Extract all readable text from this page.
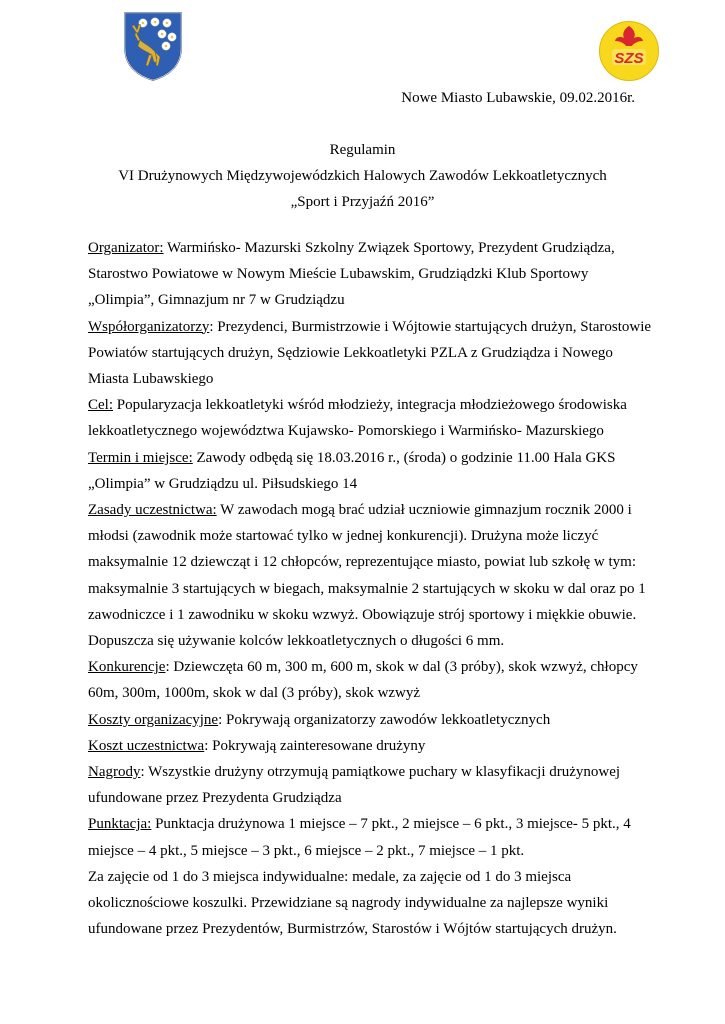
SZS
Nowe Miasto Lubawskie, 09.02.2016r.
Regulamin
VI Drużynowych Międzywojewódzkich Halowych Zawodów Lekkoatletycznych
„Sport i Przyjaźń 2016”
Organizator: Warmińsko- Mazurski Szkolny Związek Sportowy, Prezydent Grudziądza,
Starostwo Powiatowe w Nowym Mieście Lubawskim, Grudziądzki Klub Sportowy
„Olimpia”, Gimnazjum nr 7 w Grudziądzu
Współorganizatorzy: Prezydenci, Burmistrzowie i Wójtowie startujących drużyn, Starostowie
Powiatów startujących drużyn, Sędziowie Lekkoatletyki PZLA z Grudziądza i Nowego
Miasta Lubawskiego
Cel: Popularyzacja lekkoatletyki wśród młodzieży, integracja młodzieżowego środowiska
lekkoatletycznego województwa Kujawsko- Pomorskiego i Warmińsko- Mazurskiego
Termin i miejsce: Zawody odbędą się 18.03.2016 r., (środa) o godzinie 11.00 Hala GKS
„Olimpia” w Grudziądzu ul. Piłsudskiego 14
Zasady uczestnictwa: W zawodach mogą brać udział uczniowie gimnazjum rocznik 2000 i
młodsi (zawodnik może startować tylko w jednej konkurencji). Drużyna może liczyć
maksymalnie 12 dziewcząt i 12 chłopców, reprezentujące miasto, powiat lub szkołę w tym:
maksymalnie 3 startujących w biegach, maksymalnie 2 startujących w skoku w dal oraz po 1
zawodniczce i 1 zawodniku w skoku wzwyż. Obowiązuje strój sportowy i miękkie obuwie.
Dopuszcza się używanie kolców lekkoatletycznych o długości 6 mm.
Konkurencje: Dziewczęta 60 m, 300 m, 600 m, skok w dal (3 próby), skok wzwyż, chłopcy
60m, 300m, 1000m, skok w dal (3 próby), skok wzwyż
Koszty organizacyjne: Pokrywają organizatorzy zawodów lekkoatletycznych
Koszt uczestnictwa: Pokrywają zainteresowane drużyny
Nagrody: Wszystkie drużyny otrzymują pamiątkowe puchary w klasyfikacji drużynowej
ufundowane przez Prezydenta Grudziądza
Punktacja: Punktacja drużynowa 1 miejsce – 7 pkt., 2 miejsce – 6 pkt., 3 miejsce- 5 pkt., 4
miejsce – 4 pkt., 5 miejsce – 3 pkt., 6 miejsce – 2 pkt., 7 miejsce – 1 pkt.
Za zajęcie od 1 do 3 miejsca indywidualne: medale, za zajęcie od 1 do 3 miejsca
okolicznościowe koszulki. Przewidziane są nagrody indywidualne za najlepsze wyniki
ufundowane przez Prezydentów, Burmistrzów, Starostów i Wójtów startujących drużyn.
